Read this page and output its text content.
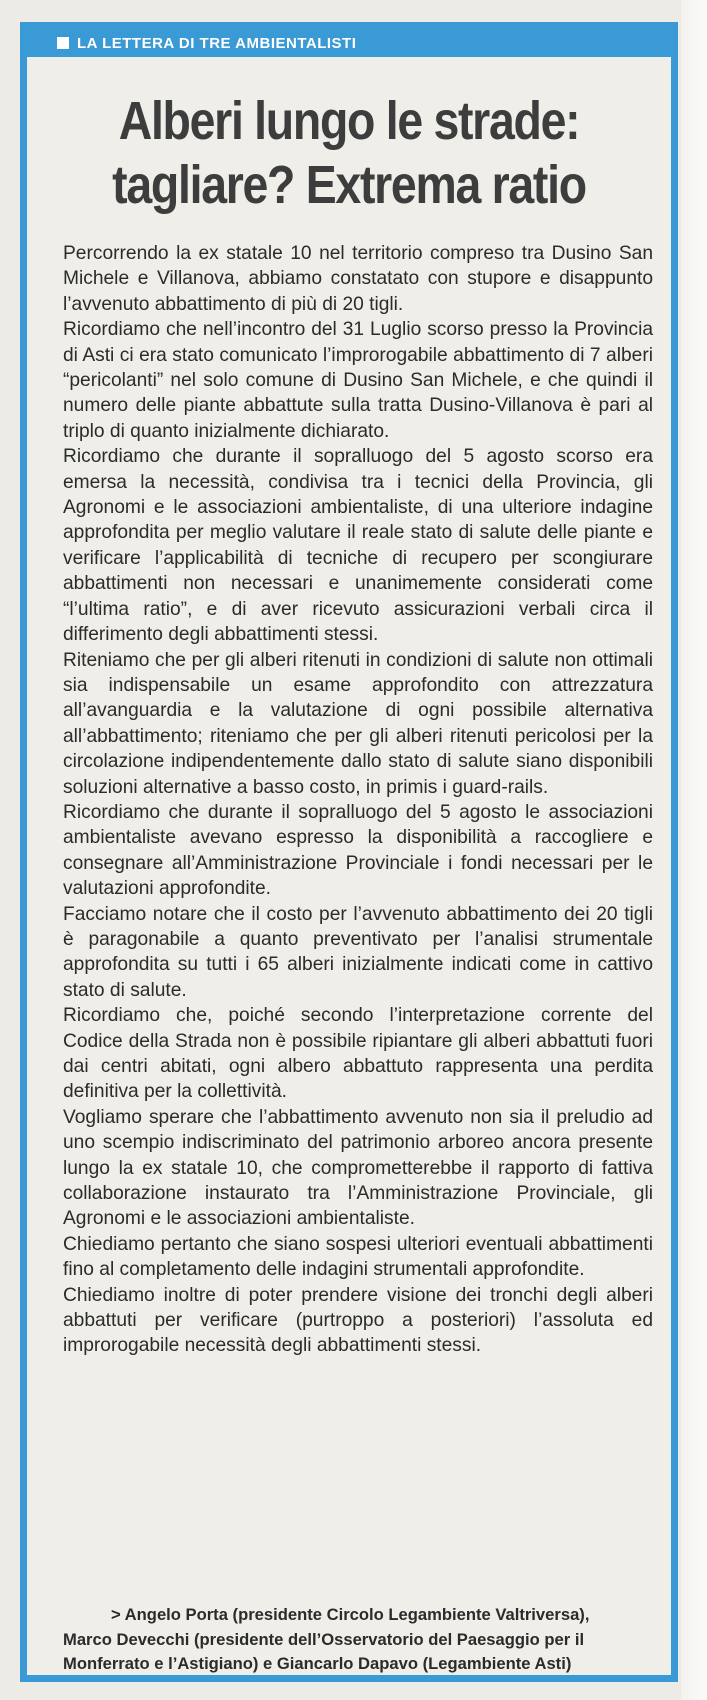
LA LETTERA DI TRE AMBIENTALISTI
Alberi lungo le strade:
tagliare? Extrema ratio

Percorrendo la ex statale 10 nel territorio compreso tra Dusino San Michele e Villanova, abbiamo constatato con stupore e disappunto l’avvenuto abbattimento di più di 20 tigli.

Ricordiamo che nell’incontro del 31 Luglio scorso presso la Provincia di Asti ci era stato comunicato l’improrogabile abbattimento di 7 alberi “pericolanti” nel solo comune di Dusino San Michele, e che quindi il numero delle piante abbattute sulla tratta Dusino-Villanova è pari al triplo di quanto inizialmente dichiarato.

Ricordiamo che durante il sopralluogo del 5 agosto scorso era emersa la necessità, condivisa tra i tecnici della Provincia, gli Agronomi e le associazioni ambientaliste, di una ulteriore indagine approfondita per meglio valutare il reale stato di salute delle piante e verificare l’applicabilità di tecniche di recupero per scongiurare abbattimenti non necessari e unanimemente considerati come “l’ultima ratio”, e di aver ricevuto assicurazioni verbali circa il differimento degli abbattimenti stessi.

Riteniamo che per gli alberi ritenuti in condizioni di salute non ottimali sia indispensabile un esame approfondito con attrezzatura all’avanguardia e la valutazione di ogni possibile alternativa all’abbattimento; riteniamo che per gli alberi ritenuti pericolosi per la circolazione indipendentemente dallo stato di salute siano disponibili soluzioni alternative a basso costo, in primis i guard-rails.

Ricordiamo che durante il sopralluogo del 5 agosto le associazioni ambientaliste avevano espresso la disponibilità a raccogliere e consegnare all’Amministrazione Provinciale i fondi necessari per le valutazioni approfondite.

Facciamo notare che il costo per l’avvenuto abbattimento dei 20 tigli è paragonabile a quanto preventivato per l’analisi strumentale approfondita su tutti i 65 alberi inizialmente indicati come in cattivo stato di salute.

Ricordiamo che, poiché secondo l’interpretazione corrente del Codice della Strada non è possibile ripiantare gli alberi abbattuti fuori dai centri abitati, ogni albero abbattuto rappresenta una perdita definitiva per la collettività.

Vogliamo sperare che l’abbattimento avvenuto non sia il preludio ad uno scempio indiscriminato del patrimonio arboreo ancora presente lungo la ex statale 10, che comprometterebbe il rapporto di fattiva collaborazione instaurato tra l’Amministrazione Provinciale, gli Agronomi e le associazioni ambientaliste.

Chiediamo pertanto che siano sospesi ulteriori eventuali abbattimenti fino al completamento delle indagini strumentali approfondite.

Chiediamo inoltre di poter prendere visione dei tronchi degli alberi abbattuti per verificare (purtroppo a posteriori) l’assoluta ed improrogabile necessità degli abbattimenti stessi.

> Angelo Porta (presidente Circolo Legambiente Valtriversa),

Marco Devecchi (presidente dell’Osservatorio del Paesaggio per il Monferrato e l’Astigiano) e Giancarlo Dapavo (Legambiente Asti)
